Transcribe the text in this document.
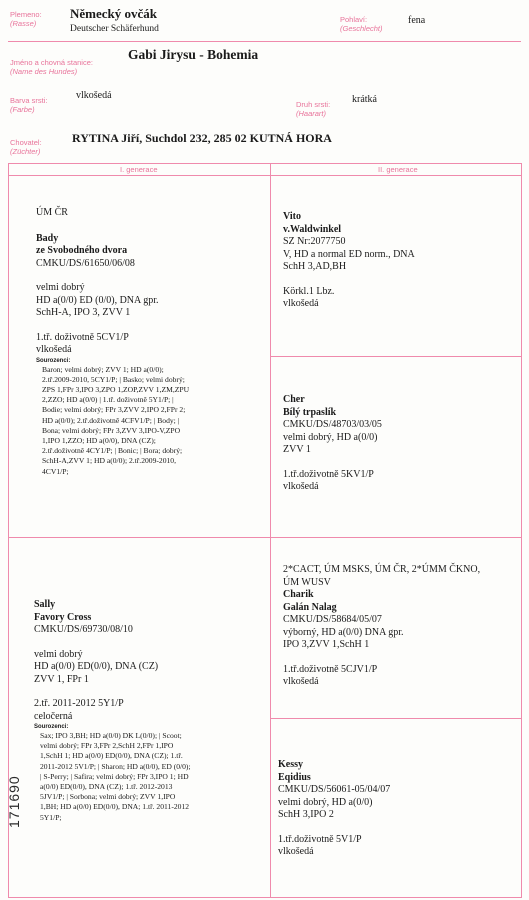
Plemeno:
(Rasse)
Německý ovčák
Deutscher Schäferhund
Pohlaví:
(Geschlecht)
fena
Jméno a chovná stanice:
(Name des Hundes)
Gabi Jirysu - Bohemia
Barva srsti:
(Farbe)
vlkošedá
Druh srsti:
(Haarart)
krátká
Chovatel:
(Züchter)
RYTINA Jiří, Suchdol 232, 285 02 KUTNÁ HORA
I. generace	II. generace
ÚM ČR
Bady
ze Svobodného dvora
CMKU/DS/61650/06/08
velmi dobrý
HD a(0/0) ED (0/0), DNA gpr.
SchH-A, IPO 3, ZVV 1
1.tř. doživotně 5CV1/P
vlkošedá
Sourozenci:
Baron; velmi dobrý; ZVV 1; HD a(0/0);
2.tř.2009-2010, 5CY1/P; | Basko; velmi dobrý;
ZPS 1,FPr 3,IPO 3,ZPO 1,ZOP,ZVV 1,ZM,ZPU
2,ZZO; HD a(0/0) | 1.tř. doživotně 5Y1/P; |
Bodie; velmi dobrý; FPr 3,ZVV 2,IPO 2,FPr 2;
HD a(0/0); 2.tř.doživotně 4CFV1/P; | Body; |
Bona; velmi dobrý; FPr 3,ZVV 3,IPO-V,ZPO
1,IPO 1,ZZO; HD a(0/0), DNA (CZ);
2.tř.doživotně 4CY1/P; | Bonic; | Bora; dobrý;
SchH-A,ZVV 1; HD a(0/0); 2.tř.2009-2010,
4CV1/P;
Vito
v.Waldwinkel
SZ Nr:2077750
V, HD a normal ED norm., DNA
SchH 3,AD,BH
Körkl.1 Lbz.
vlkošedá
Cher
Bílý trpaslík
CMKU/DS/48703/03/05
velmi dobrý, HD a(0/0)
ZVV 1
1.tř.doživotně 5KV1/P
vlkošedá
Sally
Favory Cross
CMKU/DS/69730/08/10
velmi dobrý
HD a(0/0) ED(0/0), DNA (CZ)
ZVV 1, FPr 1
2.tř. 2011-2012 5Y1/P
celočerná
Sourozenci:
Sax; IPO 3,BH; HD a(0/0) DK L(0/0); | Scoot;
velmi dobrý; FPr 3,FPr 2,SchH 2,FPr 1,IPO
1,SchH 1; HD a(0/0) ED(0/0), DNA (CZ); 1.tř.
2011-2012 5V1/P; | Sharon; HD a(0/0), ED (0/0);
| S-Perry; | Safira; velmi dobrý; FPr 3,IPO 1; HD
a(0/0) ED(0/0), DNA (CZ); 1.tř. 2012-2013
5JV1/P; | Sorbona; velmi dobrý; ZVV 1,IPO
1,BH; HD a(0/0) ED(0/0), DNA; 1.tř. 2011-2012
5Y1/P;
2*CACT, ÚM MSKS, ÚM ČR, 2*ÚMM ČKNO,
ÚM WUSV
Charik
Galán Nalag
CMKU/DS/58684/05/07
výborný, HD a(0/0) DNA gpr.
IPO 3,ZVV 1,SchH 1
1.tř.doživotně 5CJV1/P
vlkošedá
Kessy
Eqidius
CMKU/DS/56061-05/04/07
velmi dobrý, HD a(0/0)
SchH 3,IPO 2
1.tř.doživotně 5V1/P
vlkošedá
171690
